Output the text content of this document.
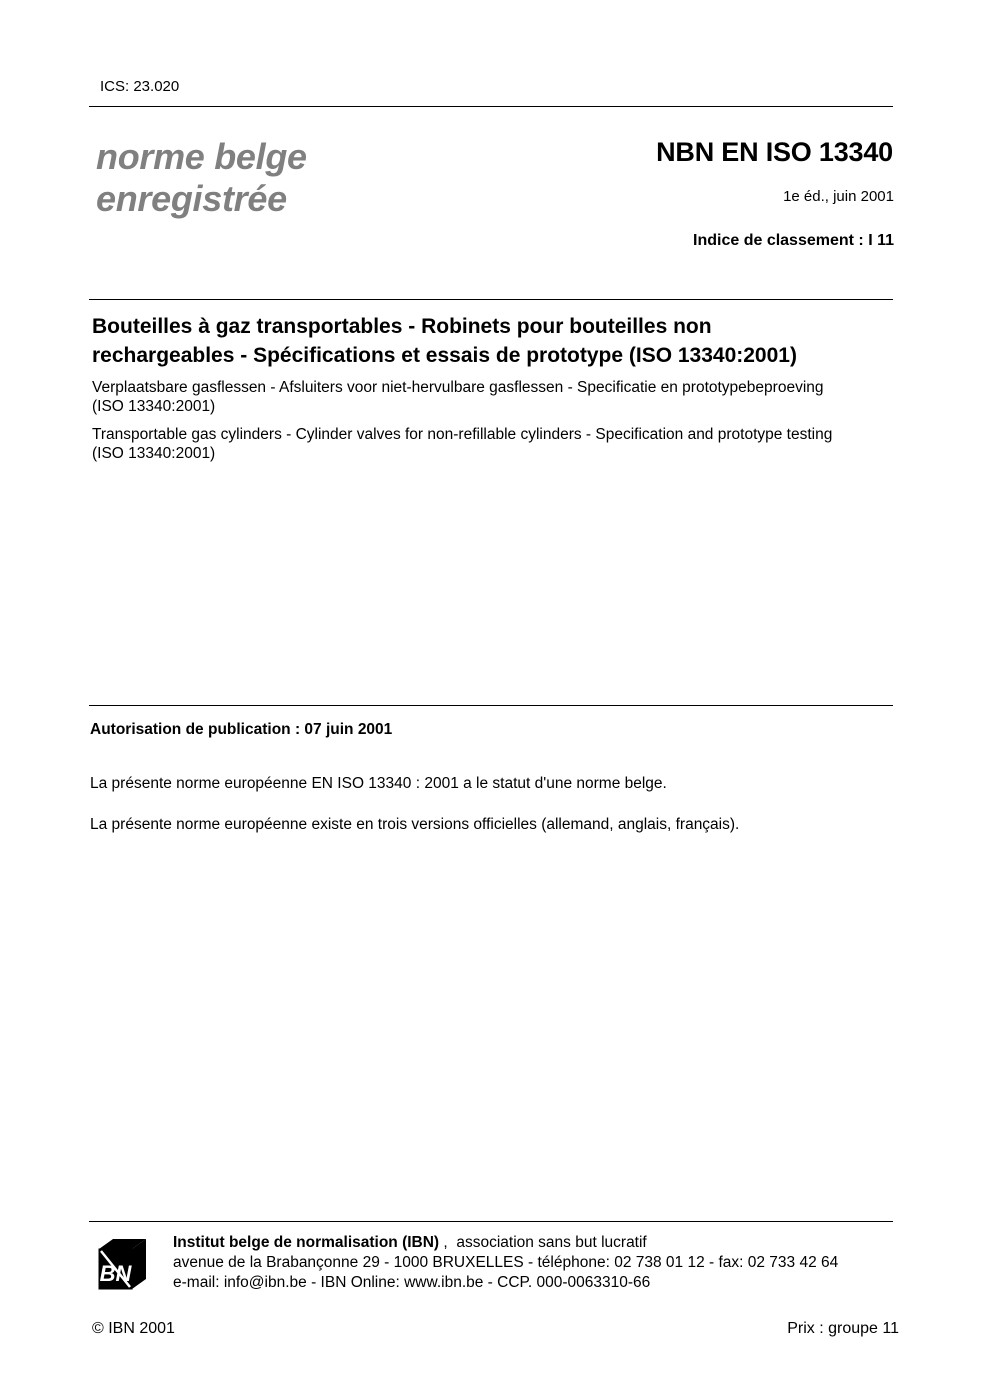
ICS: 23.020
norme belge
enregistrée
NBN EN ISO 13340
1e éd., juin 2001
Indice de classement : I 11
Bouteilles à gaz transportables - Robinets pour bouteilles non
rechargeables - Spécifications et essais de prototype (ISO 13340:2001)
Verplaatsbare gasflessen - Afsluiters voor niet-hervulbare gasflessen - Specificatie en prototypebeproeving
(ISO 13340:2001)
Transportable gas cylinders - Cylinder valves for non-refillable cylinders - Specification and prototype testing
(ISO 13340:2001)
Autorisation de publication : 07 juin 2001
La présente norme européenne EN ISO 13340 : 2001 a le statut d'une norme belge.
La présente norme européenne existe en trois versions officielles (allemand, anglais, français).
BN
Institut belge de normalisation (IBN) ,  association sans but lucratif
avenue de la Brabançonne 29 - 1000 BRUXELLES - téléphone: 02 738 01 12 - fax: 02 733 42 64
e-mail: info@ibn.be - IBN Online: www.ibn.be - CCP. 000-0063310-66
© IBN 2001	Prix : groupe 11
